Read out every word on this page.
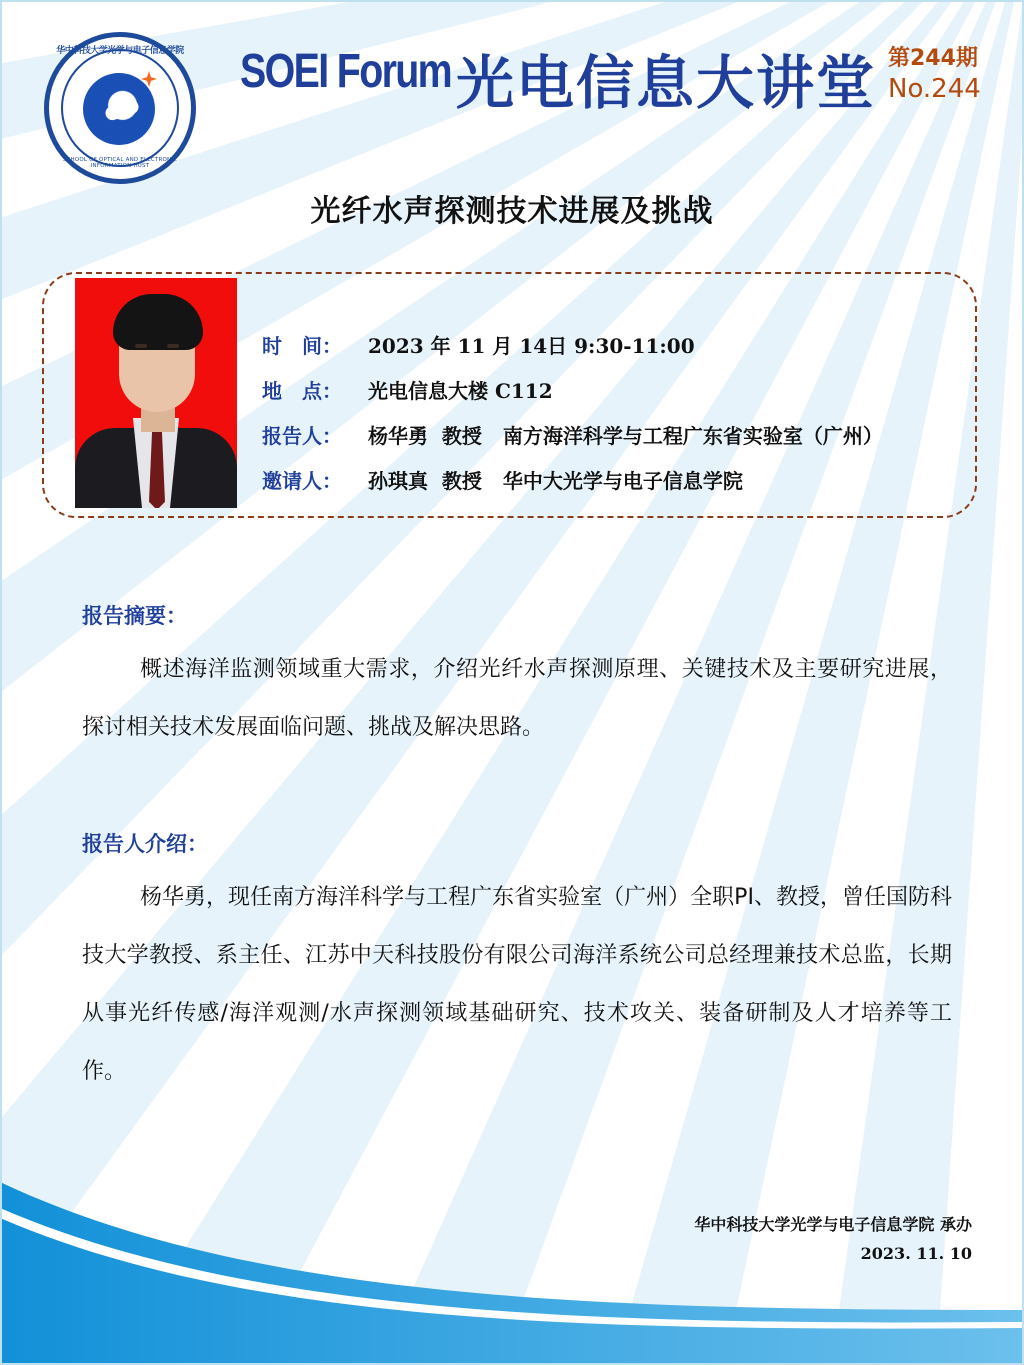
华中科技大学光学与电子信息学院
SCHOOL OF OPTICAL AND ELECTRONIC INFORMATION HUST
SOEI Forum 光电信息大讲堂 第244期
No.244
光纤水声探测技术进展及挑战
时　间：	2023 年 11 月 14日 9:30-11:00
地　点：	光电信息大楼 C112
报告人：	杨华勇  教授   南方海洋科学与工程广东省实验室（广州）
邀请人：	孙琪真  教授   华中大光学与电子信息学院
报告摘要：
概述海洋监测领域重大需求，介绍光纤水声探测原理、关键技术及主要研究进展，探讨相关技术发展面临问题、挑战及解决思路。
报告人介绍：
杨华勇，现任南方海洋科学与工程广东省实验室（广州）全职PI、教授，曾任国防科技大学教授、系主任、江苏中天科技股份有限公司海洋系统公司总经理兼技术总监，长期从事光纤传感/海洋观测/水声探测领域基础研究、技术攻关、装备研制及人才培养等工作。
华中科技大学光学与电子信息学院 承办
2023. 11. 10
